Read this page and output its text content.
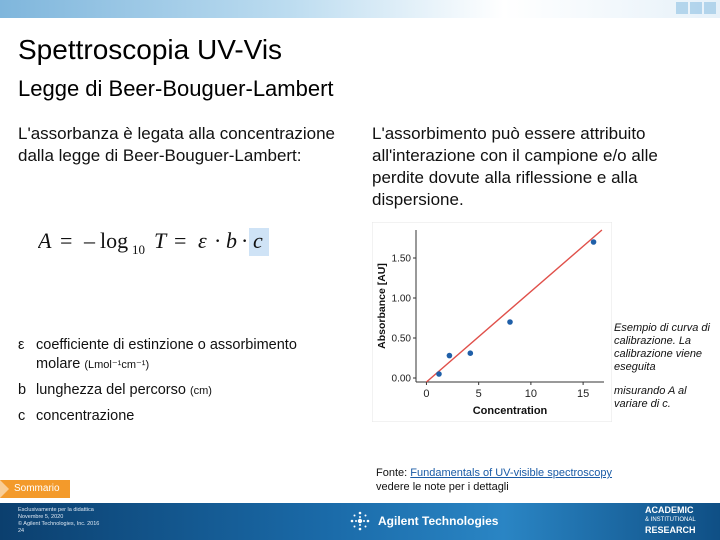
Spettroscopia UV-Vis
Legge di Beer-Bouguer-Lambert
L'assorbanza è legata alla concentrazione dalla legge di Beer-Bouguer-Lambert:
L'assorbimento può essere attribuito all'interazione con il campione e/o alle perdite dovute alla riflessione e alla dispersione.
A = – log 10 T = ε · b · c
ε coefficiente di estinzione o assorbimento molare (Lmol⁻¹cm⁻¹)
b lunghezza del percorso (cm)
c concentrazione
0.00
0.50
1.00
1.50
0	5	10	15
Concentration
Absorbance [AU]	Esempio di curva di calibrazione. La calibrazione viene eseguita
misurando A al variare di c.
Fonte: Fundamentals of UV-visible spectroscopy
vedere le note per i dettagli
Sommario
Esclusivamente per la didattica
Novembre 5, 2020
© Agilent Technologies, Inc. 2016
24
Agilent Technologies
ACADEMIC
& INSTITUTIONAL
RESEARCH
